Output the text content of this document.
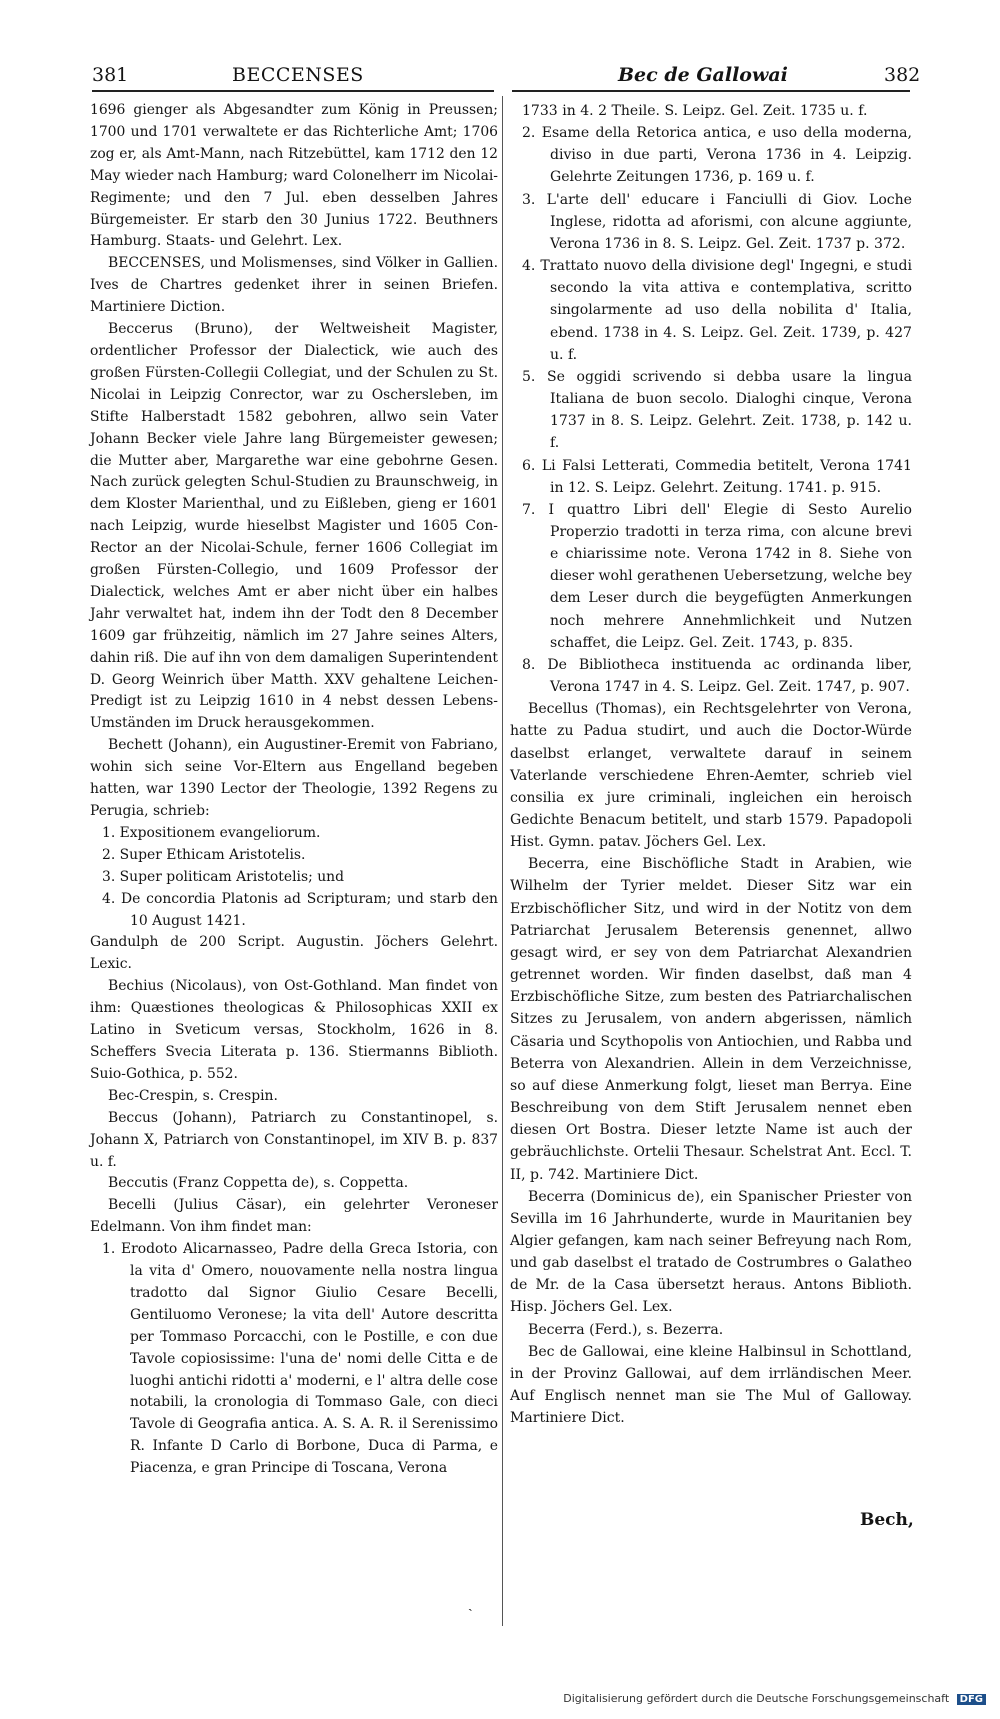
381	BECCENSES	Bec de Gallowai	382

1696 gienger als Abgesandter zum König in Preussen; 1700 und 1701 verwaltete er das Richterliche Amt; 1706 zog er, als Amt-Mann, nach Ritzebüttel, kam 1712 den 12 May wieder nach Hamburg; ward Colonelherr im Nicolai-Regimente; und den 7 Jul. eben desselben Jahres Bürgemeister. Er starb den 30 Junius 1722. Beuthners Hamburg. Staats- und Gelehrt. Lex.

BECCENSES, und Molismenses, sind Völker in Gallien. Ives de Chartres gedenket ihrer in seinen Briefen. Martiniere Diction.

Beccerus (Bruno), der Weltweisheit Magister, ordentlicher Professor der Dialectick, wie auch des großen Fürsten-Collegii Collegiat, und der Schulen zu St. Nicolai in Leipzig Conrector, war zu Oschersleben, im Stifte Halberstadt 1582 gebohren, allwo sein Vater Johann Becker viele Jahre lang Bürgemeister gewesen; die Mutter aber, Margarethe war eine gebohrne Gesen. Nach zurück gelegten Schul-Studien zu Braunschweig, in dem Kloster Marienthal, und zu Eißleben, gieng er 1601 nach Leipzig, wurde hieselbst Magister und 1605 Con-Rector an der Nicolai-Schule, ferner 1606 Collegiat im großen Fürsten-Collegio, und 1609 Professor der Dialectick, welches Amt er aber nicht über ein halbes Jahr verwaltet hat, indem ihn der Todt den 8 December 1609 gar frühzeitig, nämlich im 27 Jahre seines Alters, dahin riß. Die auf ihn von dem damaligen Superintendent D. Georg Weinrich über Matth. XXV gehaltene Leichen-Predigt ist zu Leipzig 1610 in 4 nebst dessen Lebens-Umständen im Druck herausgekommen.

Bechett (Johann), ein Augustiner-Eremit von Fabriano, wohin sich seine Vor-Eltern aus Engelland begeben hatten, war 1390 Lector der Theologie, 1392 Regens zu Perugia, schrieb:

1. Expositionem evangeliorum.

2. Super Ethicam Aristotelis.

3. Super politicam Aristotelis; und

4. De concordia Platonis ad Scripturam; und starb den 10 August 1421.

Gandulph de 200 Script. Augustin. Jöchers Gelehrt. Lexic.

Bechius (Nicolaus), von Ost-Gothland. Man findet von ihm: Quæstiones theologicas & Philosophicas XXII ex Latino in Sveticum versas, Stockholm, 1626 in 8. Scheffers Svecia Literata p. 136. Stiermanns Biblioth. Suio-Gothica, p. 552.

Bec-Crespin, s. Crespin.

Beccus (Johann), Patriarch zu Constantinopel, s. Johann X, Patriarch von Constantinopel, im XIV B. p. 837 u. f.

Beccutis (Franz Coppetta de), s. Coppetta.

Becelli (Julius Cäsar), ein gelehrter Veroneser Edelmann. Von ihm findet man:

1. Erodoto Alicarnasseo, Padre della Greca Istoria, con la vita d' Omero, nouovamente nella nostra lingua tradotto dal Signor Giulio Cesare Becelli, Gentiluomo Veronese; la vita dell' Autore descritta per Tommaso Porcacchi, con le Postille, e con due Tavole copiosissime: l'una de' nomi delle Citta e de luoghi antichi ridotti a' moderni, e l' altra delle cose notabili, la cronologia di Tommaso Gale, con dieci Tavole di Geografia antica. A. S. A. R. il Serenissimo R. Infante D Carlo di Borbone, Duca di Parma, e Piacenza, e gran Principe di Toscana, Verona

1733 in 4. 2 Theile. S. Leipz. Gel. Zeit. 1735 u. f.

2. Esame della Retorica antica, e uso della moderna, diviso in due parti, Verona 1736 in 4. Leipzig. Gelehrte Zeitungen 1736, p. 169 u. f.

3. L'arte dell' educare i Fanciulli di Giov. Loche Inglese, ridotta ad aforismi, con alcune aggiunte, Verona 1736 in 8. S. Leipz. Gel. Zeit. 1737 p. 372.

4. Trattato nuovo della divisione degl' Ingegni, e studi secondo la vita attiva e contemplativa, scritto singolarmente ad uso della nobilita d' Italia, ebend. 1738 in 4. S. Leipz. Gel. Zeit. 1739, p. 427 u. f.

5. Se oggidi scrivendo si debba usare la lingua Italiana de buon secolo. Dialoghi cinque, Verona 1737 in 8. S. Leipz. Gelehrt. Zeit. 1738, p. 142 u. f.

6. Li Falsi Letterati, Commedia betitelt, Verona 1741 in 12. S. Leipz. Gelehrt. Zeitung. 1741. p. 915.

7. I quattro Libri dell' Elegie di Sesto Aurelio Properzio tradotti in terza rima, con alcune brevi e chiarissime note. Verona 1742 in 8. Siehe von dieser wohl gerathenen Uebersetzung, welche bey dem Leser durch die beygefügten Anmerkungen noch mehrere Annehmlichkeit und Nutzen schaffet, die Leipz. Gel. Zeit. 1743, p. 835.

8. De Bibliotheca instituenda ac ordinanda liber, Verona 1747 in 4. S. Leipz. Gel. Zeit. 1747, p. 907.

Becellus (Thomas), ein Rechtsgelehrter von Verona, hatte zu Padua studirt, und auch die Doctor-Würde daselbst erlanget, verwaltete darauf in seinem Vaterlande verschiedene Ehren-Aemter, schrieb viel consilia ex jure criminali, ingleichen ein heroisch Gedichte Benacum betitelt, und starb 1579. Papadopoli Hist. Gymn. patav. Jöchers Gel. Lex.

Becerra, eine Bischöfliche Stadt in Arabien, wie Wilhelm der Tyrier meldet. Dieser Sitz war ein Erzbischöflicher Sitz, und wird in der Notitz von dem Patriarchat Jerusalem Beterensis genennet, allwo gesagt wird, er sey von dem Patriarchat Alexandrien getrennet worden. Wir finden daselbst, daß man 4 Erzbischöfliche Sitze, zum besten des Patriarchalischen Sitzes zu Jerusalem, von andern abgerissen, nämlich Cäsaria und Scythopolis von Antiochien, und Rabba und Beterra von Alexandrien. Allein in dem Verzeichnisse, so auf diese Anmerkung folgt, lieset man Berrya. Eine Beschreibung von dem Stift Jerusalem nennet eben diesen Ort Bostra. Dieser letzte Name ist auch der gebräuchlichste. Ortelii Thesaur. Schelstrat Ant. Eccl. T. II, p. 742. Martiniere Dict.

Becerra (Dominicus de), ein Spanischer Priester von Sevilla im 16 Jahrhunderte, wurde in Mauritanien bey Algier gefangen, kam nach seiner Befreyung nach Rom, und gab daselbst el tratado de Costrumbres o Galatheo de Mr. de la Casa übersetzt heraus. Antons Biblioth. Hisp. Jöchers Gel. Lex.

Becerra (Ferd.), s. Bezerra.

Bec de Gallowai, eine kleine Halbinsul in Schottland, in der Provinz Gallowai, auf dem irrländischen Meer. Auf Englisch nennet man sie The Mul of Galloway. Martiniere Dict.

Bech,
ˎ
Digitalisierung gefördert durch die Deutsche Forschungsgemeinschaft DFG
